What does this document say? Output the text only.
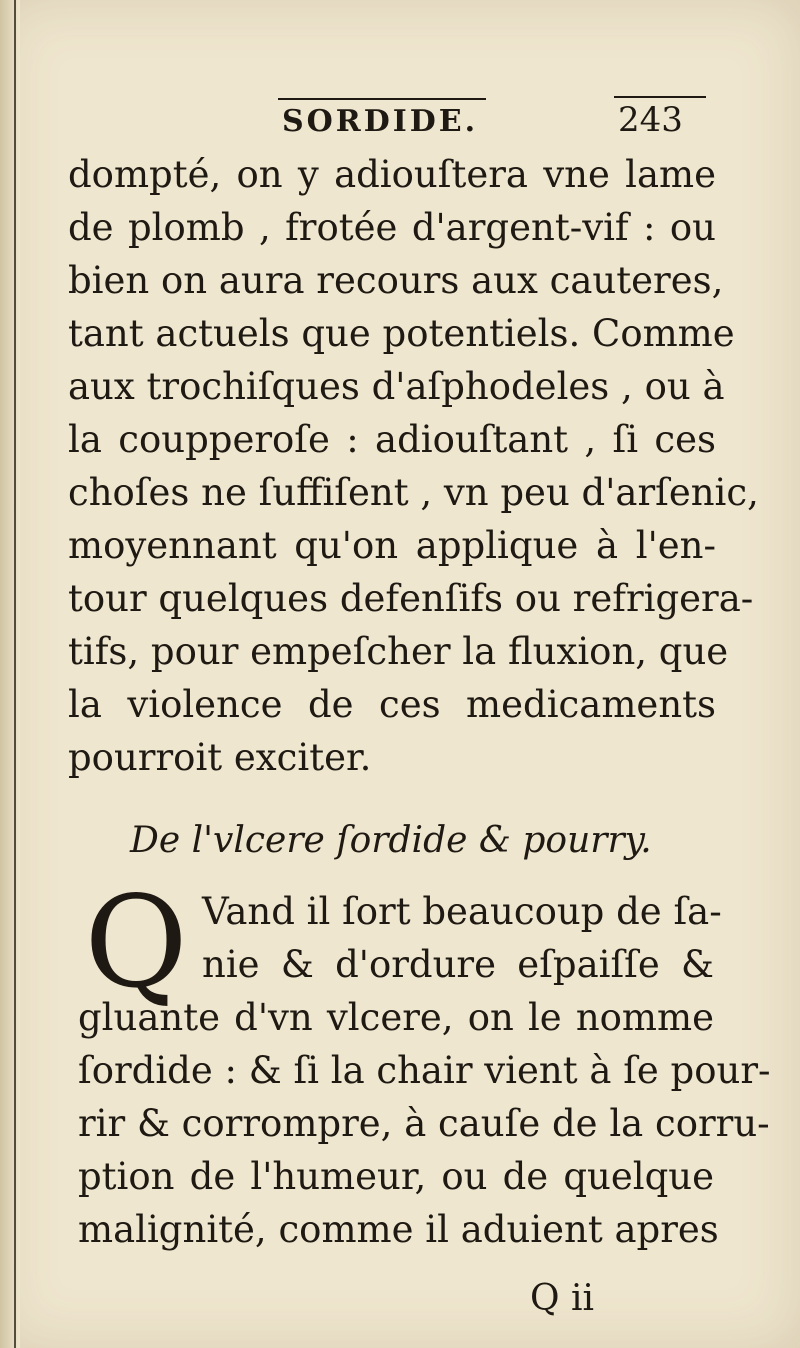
SORDIDE.	243
dompté, on y adiouſtera vne lame
de plomb , frotée d'argent-vif : ou
bien on aura recours aux cauteres,
tant actuels que potentiels. Comme
aux trochiſques d'aſphodeles , ou à
la coupperoſe : adiouſtant , ſi ces
choſes ne ſuffiſent , vn peu d'arſenic,
moyennant qu'on applique à l'en-
tour quelques defenſifs ou refrigera-
tifs, pour empeſcher la fluxion, que
la violence de ces medicaments
pourroit exciter.
De l'vlcere ſordide & pourry.
Q Vand il ſort beaucoup de ſa-
nie & d'ordure eſpaiſſe &
gluante d'vn vlcere, on le nomme
ſordide : & ſi la chair vient à ſe pour-
rir & corrompre, à cauſe de la corru-
ption de l'humeur, ou de quelque
malignité, comme il aduient apres
Q ii
